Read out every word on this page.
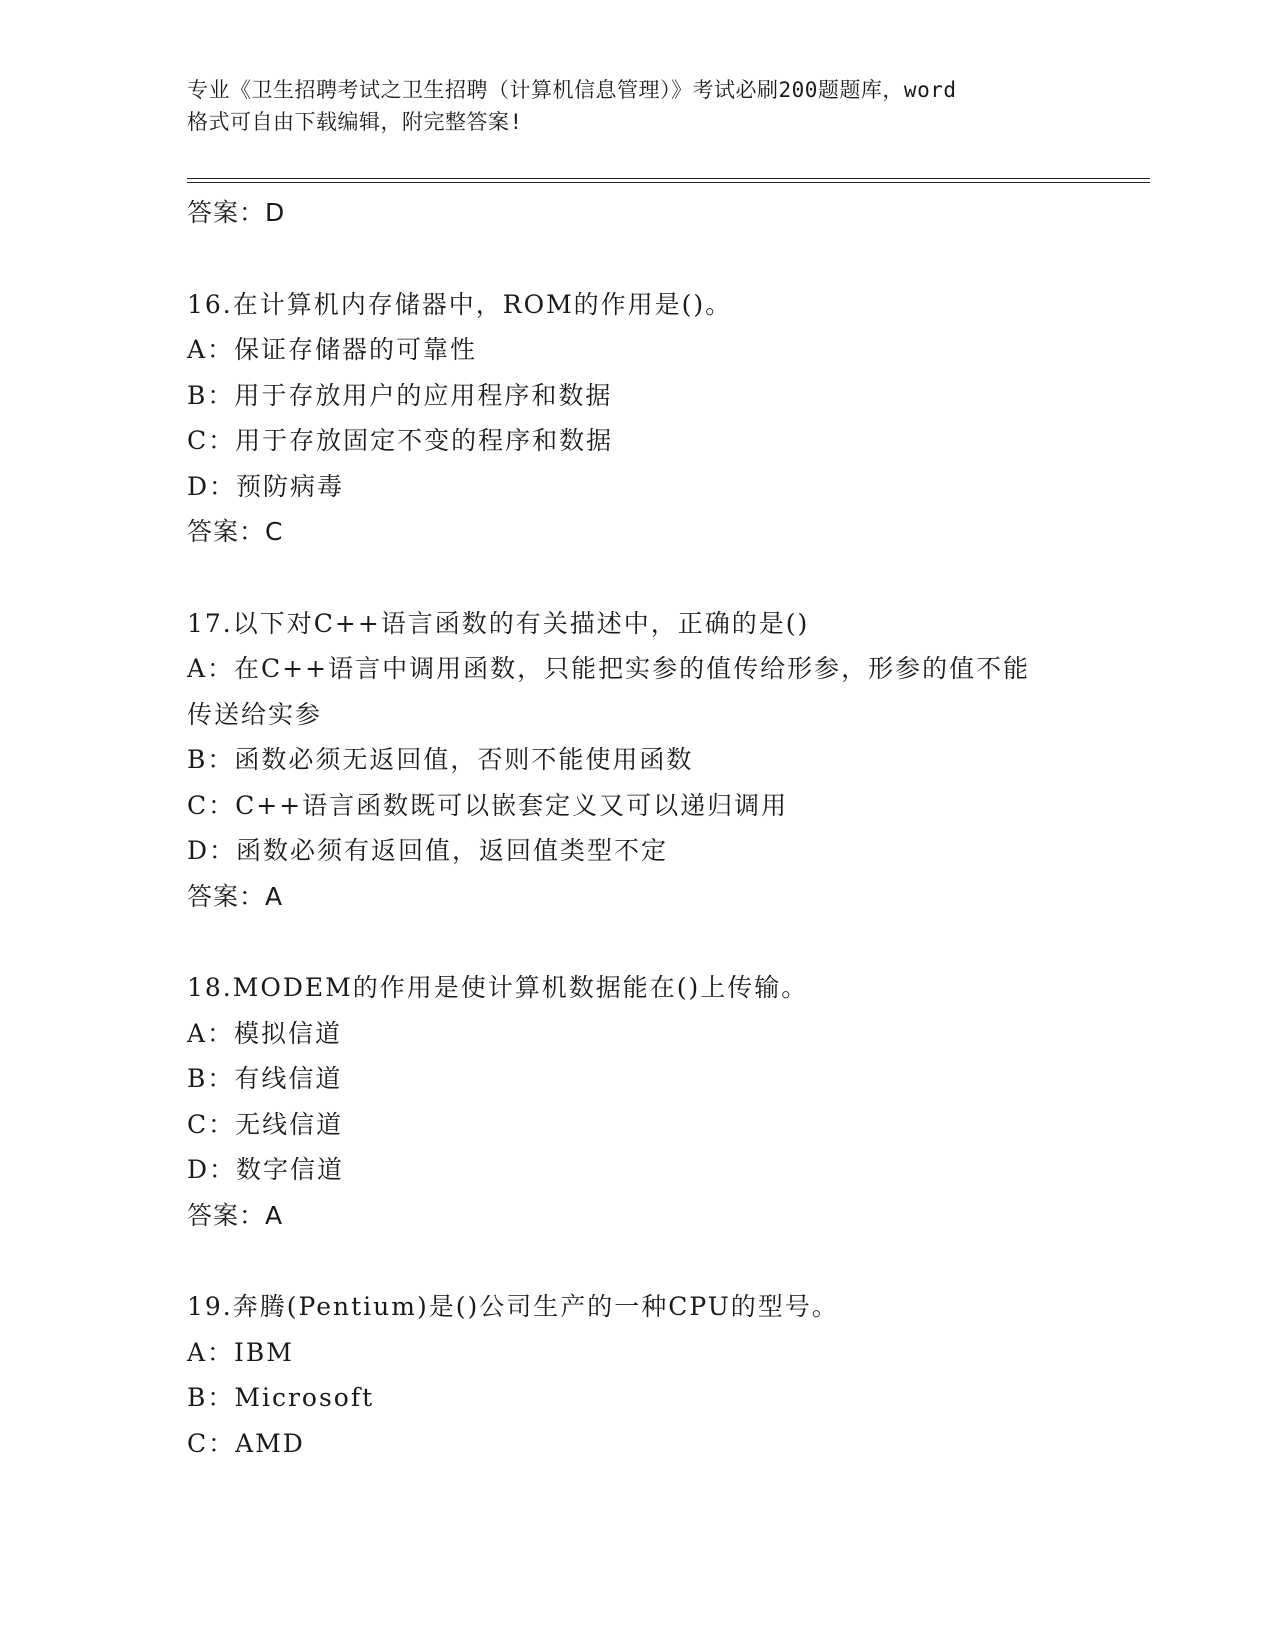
专业《卫生招聘考试之卫生招聘（计算机信息管理）》考试必刷200题题库，word
格式可自由下载编辑，附完整答案!
答案：D
16.在计算机内存储器中，ROM的作用是()。
A：保证存储器的可靠性
B：用于存放用户的应用程序和数据
C：用于存放固定不变的程序和数据
D：预防病毒
答案：C
17.以下对C++语言函数的有关描述中，正确的是()
A：在C++语言中调用函数，只能把实参的值传给形参，形参的值不能
传送给实参
B：函数必须无返回值，否则不能使用函数
C：C++语言函数既可以嵌套定义又可以递归调用
D：函数必须有返回值，返回值类型不定
答案：A
18.MODEM的作用是使计算机数据能在()上传输。
A：模拟信道
B：有线信道
C：无线信道
D：数字信道
答案：A
19.奔腾(Pentium)是()公司生产的一种CPU的型号。
A：IBM
B：Microsoft
C：AMD
